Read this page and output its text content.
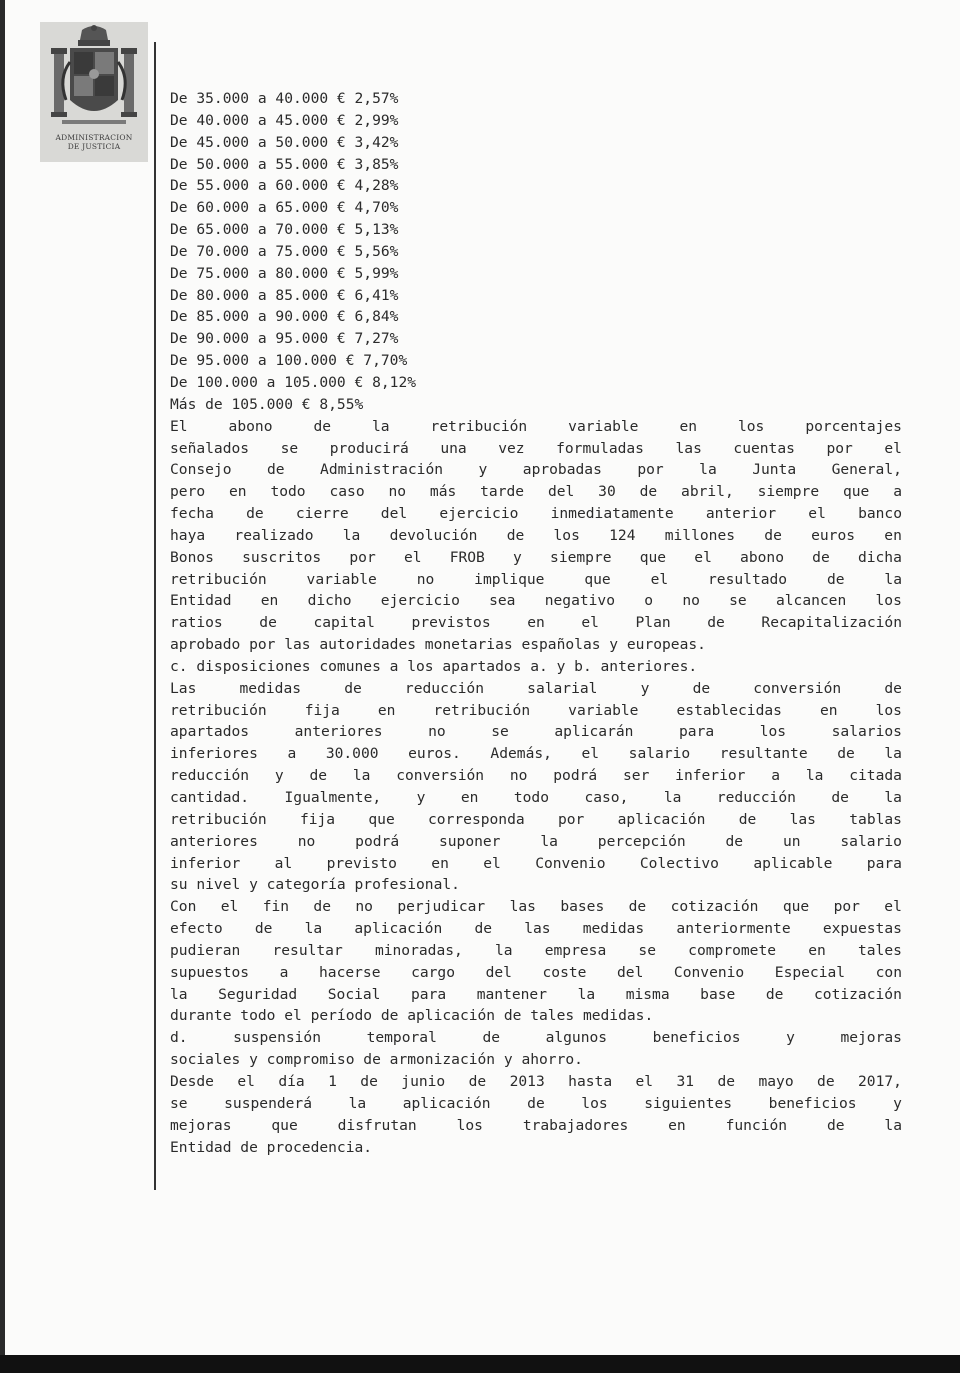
ADMINISTRACION
DE JUSTICIA
De 35.000 a 40.000 € 2,57%
De 40.000 a 45.000 € 2,99%
De 45.000 a 50.000 € 3,42%
De 50.000 a 55.000 € 3,85%
De 55.000 a 60.000 € 4,28%
De 60.000 a 65.000 € 4,70%
De 65.000 a 70.000 € 5,13%
De 70.000 a 75.000 € 5,56%
De 75.000 a 80.000 € 5,99%
De 80.000 a 85.000 € 6,41%
De 85.000 a 90.000 € 6,84%
De 90.000 a 95.000 € 7,27%
De 95.000 a 100.000 € 7,70%
De 100.000 a 105.000 € 8,12%
Más de 105.000 € 8,55%
El	abono	de	la	retribución	variable	en	los	porcentajes
señalados se producirá una vez formuladas las cuentas por el
Consejo de Administración y aprobadas por la Junta General,
pero en todo caso no más tarde del 30 de abril, siempre que a
fecha de cierre del ejercicio inmediatamente anterior el banco
haya realizado la devolución de los 124 millones de euros en
Bonos suscritos por el FROB y siempre que el abono de dicha
retribución	variable	no	implique	que	el	resultado	de	la
Entidad en dicho ejercicio sea negativo o no se alcancen los
ratios	de	capital	previstos	en	el	Plan	de	Recapitalización
aprobado por las autoridades monetarias españolas y europeas.
c. disposiciones comunes a los apartados a. y b. anteriores.
Las	medidas	de	reducción	salarial	y	de	conversión	de
retribución	fija	en	retribución	variable	establecidas	en	los
apartados	anteriores	no	se	aplicarán	para	los	salarios
inferiores a 30.000 euros. Además, el salario resultante de la
reducción y de la conversión no podrá ser inferior a la citada
cantidad. Igualmente, y en todo caso, la reducción de la
retribución fija que corresponda por aplicación de las tablas
anteriores	no	podrá	suponer	la	percepción	de	un	salario
inferior al previsto en el Convenio Colectivo aplicable para
su nivel y categoría profesional.
Con el fin de no perjudicar las bases de cotización que por el
efecto de la aplicación de las medidas anteriormente expuestas
pudieran resultar minoradas, la empresa se compromete en tales
supuestos a hacerse cargo del coste del Convenio Especial con
la Seguridad Social para mantener la misma base de cotización
durante todo el período de aplicación de tales medidas.
d.	suspensión	temporal	de	algunos	beneficios	y	mejoras
sociales y compromiso de armonización y ahorro.
Desde el día 1 de junio de 2013 hasta el 31 de mayo de 2017,
se	suspenderá	la	aplicación	de	los	siguientes	beneficios	y
mejoras	que	disfrutan	los	trabajadores	en	función	de	la
Entidad de procedencia.
